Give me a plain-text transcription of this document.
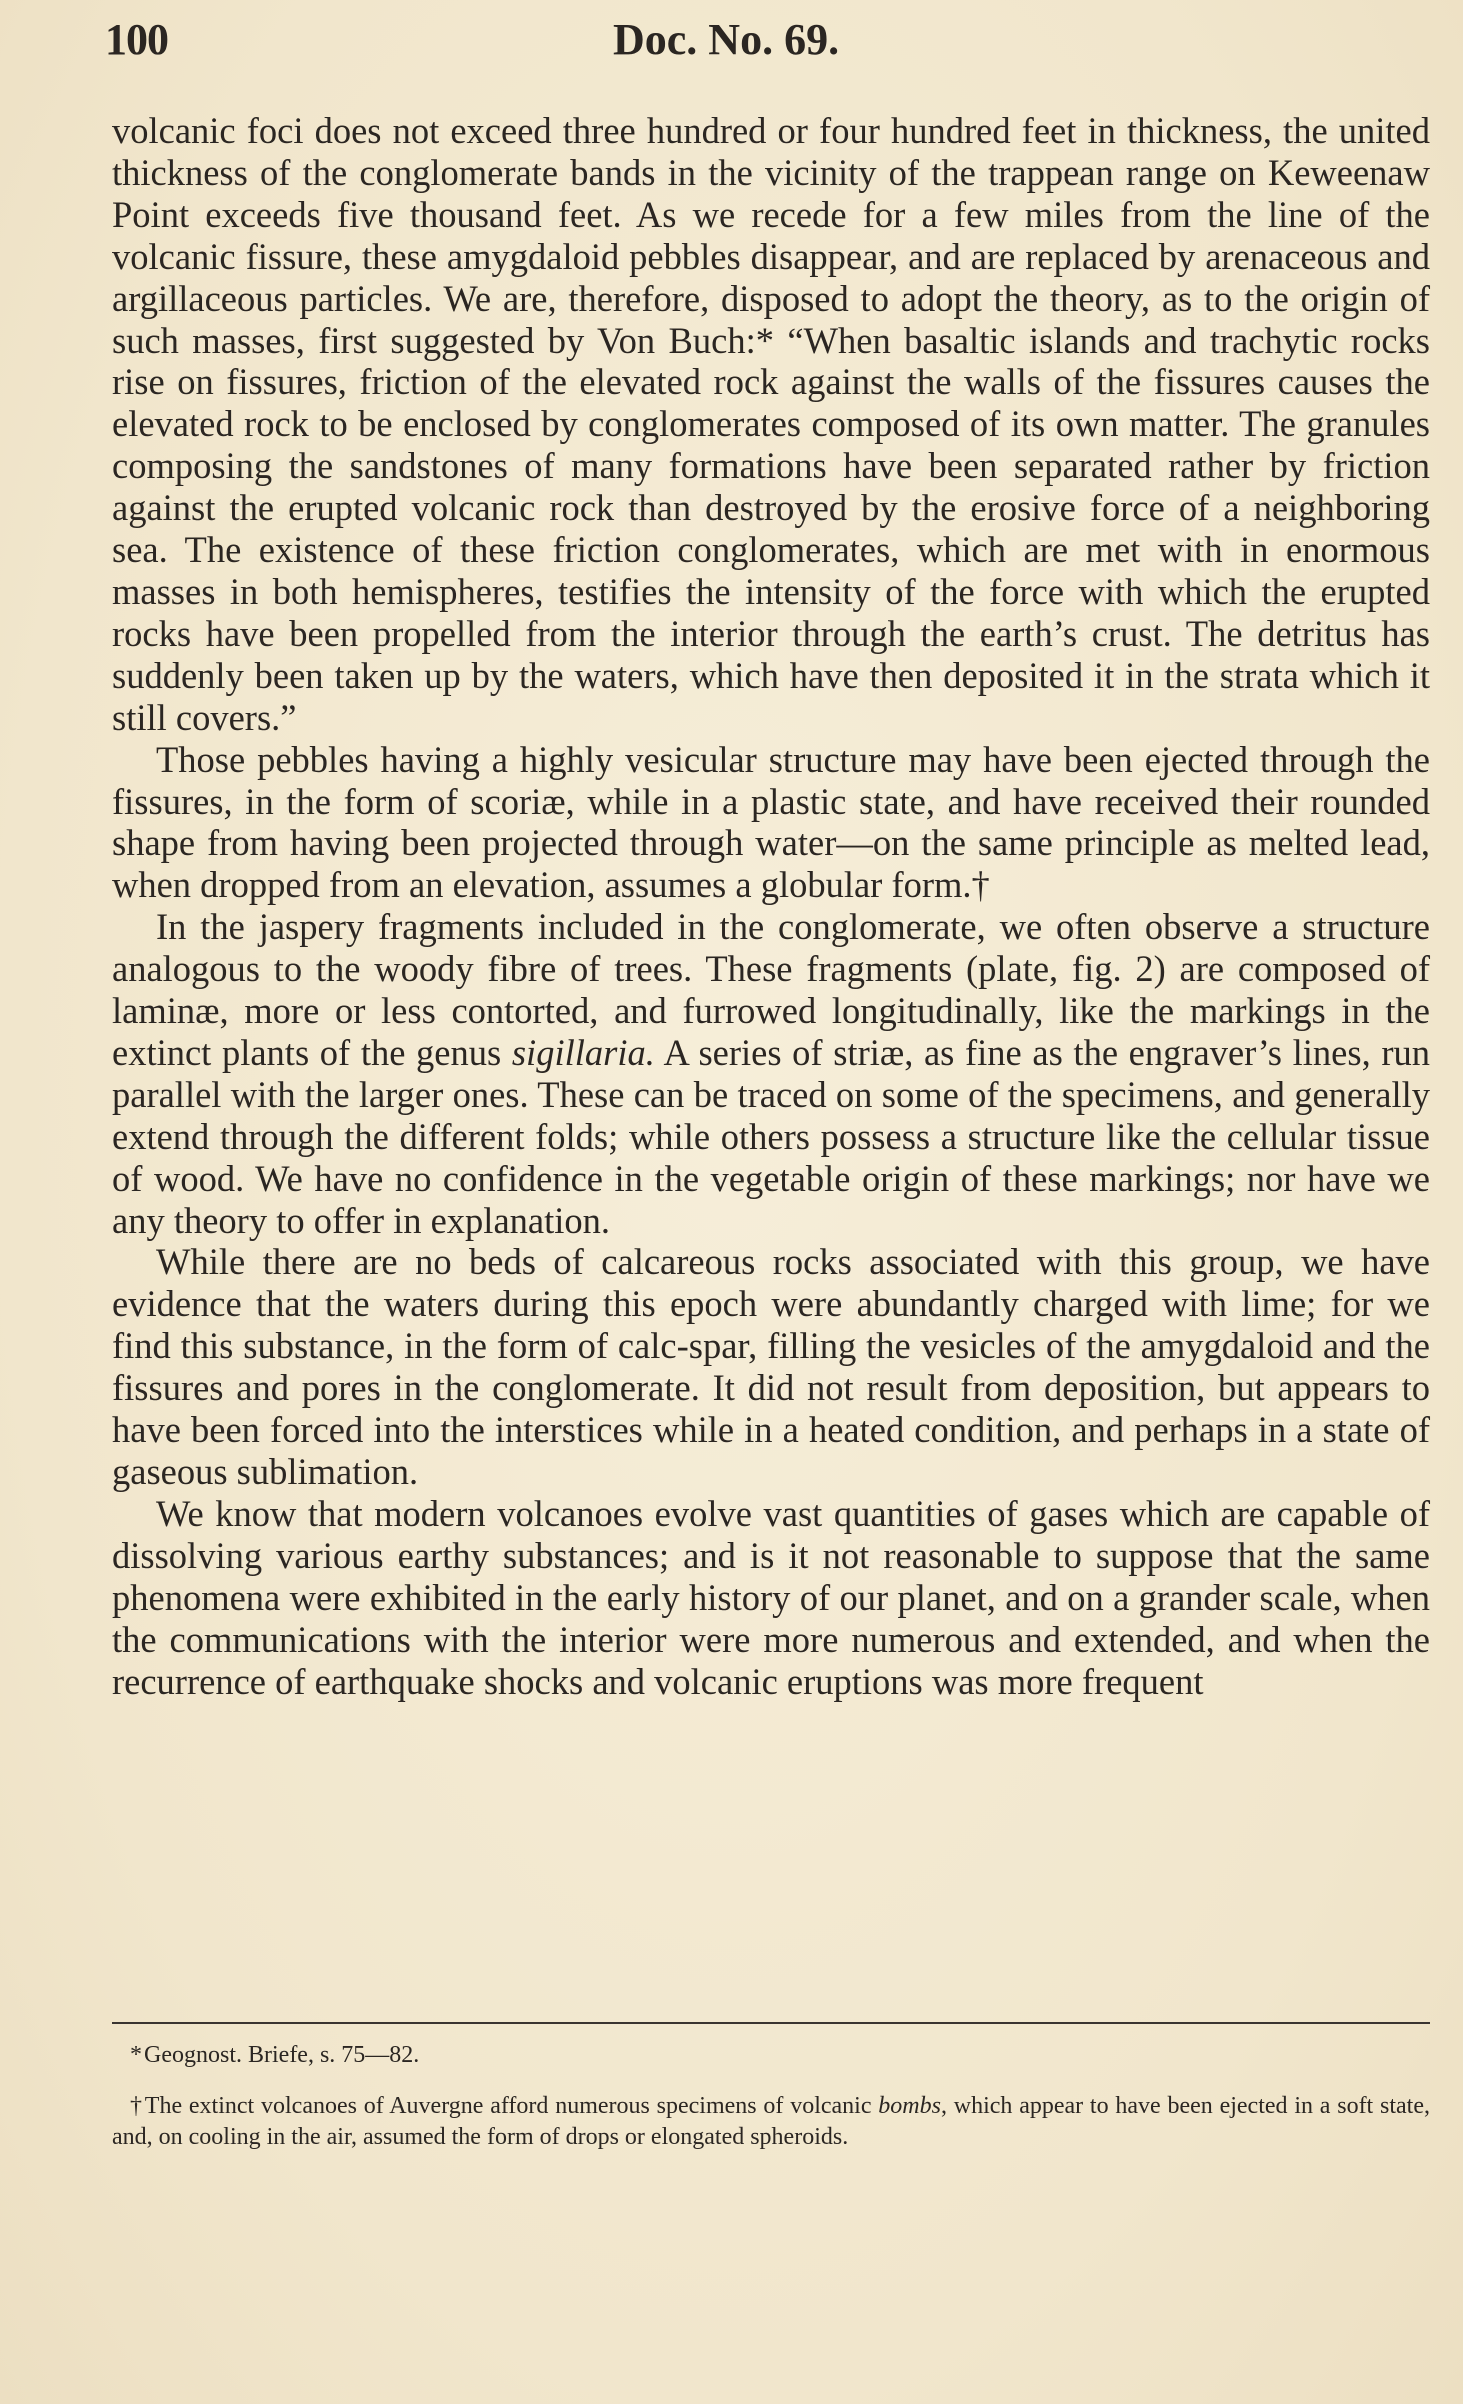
100	Doc. No. 69.

volcanic foci does not exceed three hundred or four hundred feet in thickness, the united thickness of the conglomerate bands in the vicinity of the trappean range on Keweenaw Point exceeds five thousand feet. As we recede for a few miles from the line of the volcanic fissure, these amygdaloid pebbles disappear, and are replaced by arenaceous and argillaceous particles. We are, therefore, disposed to adopt the theory, as to the origin of such masses, first suggested by Von Buch:* “When basaltic islands and trachytic rocks rise on fissures, friction of the elevated rock against the walls of the fissures causes the elevated rock to be enclosed by conglomerates composed of its own matter. The granules composing the sandstones of many formations have been separated rather by friction against the erupted volcanic rock than destroyed by the erosive force of a neighboring sea. The existence of these friction conglomerates, which are met with in enormous masses in both hemispheres, testifies the intensity of the force with which the erupted rocks have been propelled from the interior through the earth’s crust. The detritus has suddenly been taken up by the waters, which have then deposited it in the strata which it still covers.”

Those pebbles having a highly vesicular structure may have been ejected through the fissures, in the form of scoriæ, while in a plastic state, and have received their rounded shape from having been projected through water—on the same principle as melted lead, when dropped from an elevation, assumes a globular form.†

In the jaspery fragments included in the conglomerate, we often observe a structure analogous to the woody fibre of trees. These fragments (plate, fig. 2) are composed of laminæ, more or less contorted, and furrowed longitudinally, like the markings in the extinct plants of the genus sigillaria. A series of striæ, as fine as the engraver’s lines, run parallel with the larger ones. These can be traced on some of the specimens, and generally extend through the different folds; while others possess a structure like the cellular tissue of wood. We have no confidence in the vegetable origin of these markings; nor have we any theory to offer in explanation.

While there are no beds of calcareous rocks associated with this group, we have evidence that the waters during this epoch were abundantly charged with lime; for we find this substance, in the form of calc-spar, filling the vesicles of the amygdaloid and the fissures and pores in the conglomerate. It did not result from deposition, but appears to have been forced into the interstices while in a heated condition, and perhaps in a state of gaseous sublimation.

We know that modern volcanoes evolve vast quantities of gases which are capable of dissolving various earthy substances; and is it not reasonable to suppose that the same phenomena were exhibited in the early history of our planet, and on a grander scale, when the communications with the interior were more numerous and extended, and when the recurrence of earthquake shocks and volcanic eruptions was more frequent

*Geognost. Briefe, s. 75—82.

†The extinct volcanoes of Auvergne afford numerous specimens of volcanic bombs, which appear to have been ejected in a soft state, and, on cooling in the air, assumed the form of drops or elongated spheroids.
